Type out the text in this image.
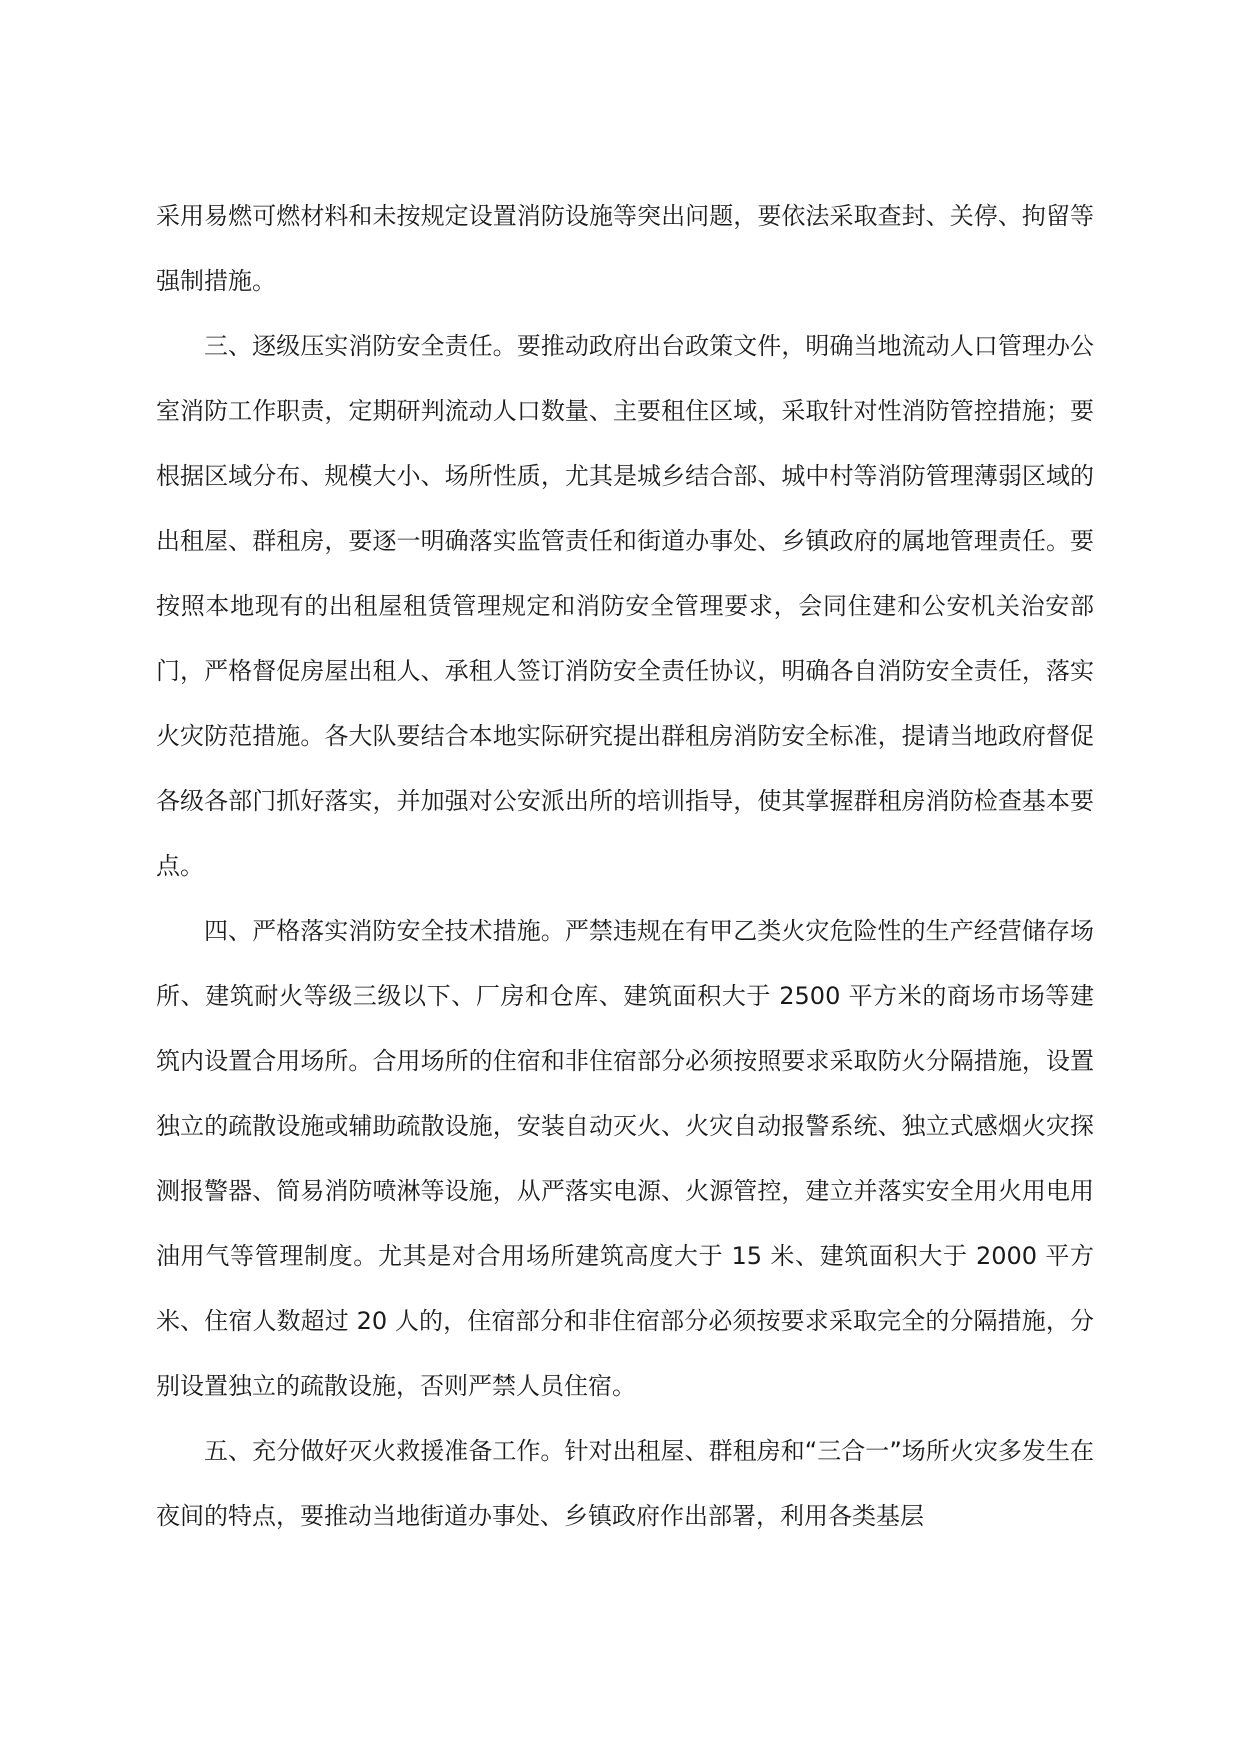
采用易燃可燃材料和未按规定设置消防设施等突出问题，要依法采取查封、关停、拘留等强制措施。

三、逐级压实消防安全责任。要推动政府出台政策文件，明确当地流动人口管理办公室消防工作职责，定期研判流动人口数量、主要租住区域，采取针对性消防管控措施；要根据区域分布、规模大小、场所性质，尤其是城乡结合部、城中村等消防管理薄弱区域的出租屋、群租房，要逐一明确落实监管责任和街道办事处、乡镇政府的属地管理责任。要按照本地现有的出租屋租赁管理规定和消防安全管理要求，会同住建和公安机关治安部门，严格督促房屋出租人、承租人签订消防安全责任协议，明确各自消防安全责任，落实火灾防范措施。各大队要结合本地实际研究提出群租房消防安全标准，提请当地政府督促各级各部门抓好落实，并加强对公安派出所的培训指导，使其掌握群租房消防检查基本要点。

四、严格落实消防安全技术措施。严禁违规在有甲乙类火灾危险性的生产经营储存场所、建筑耐火等级三级以下、厂房和仓库、建筑面积大于 2500 平方米的商场市场等建筑内设置合用场所。合用场所的住宿和非住宿部分必须按照要求采取防火分隔措施，设置独立的疏散设施或辅助疏散设施，安装自动灭火、火灾自动报警系统、独立式感烟火灾探测报警器、简易消防喷淋等设施，从严落实电源、火源管控，建立并落实安全用火用电用油用气等管理制度。尤其是对合用场所建筑高度大于 15 米、建筑面积大于 2000 平方米、住宿人数超过 20 人的，住宿部分和非住宿部分必须按要求采取完全的分隔措施，分别设置独立的疏散设施，否则严禁人员住宿。

五、充分做好灭火救援准备工作。针对出租屋、群租房和“三合一”场所火灾多发生在夜间的特点，要推动当地街道办事处、乡镇政府作出部署，利用各类基层
